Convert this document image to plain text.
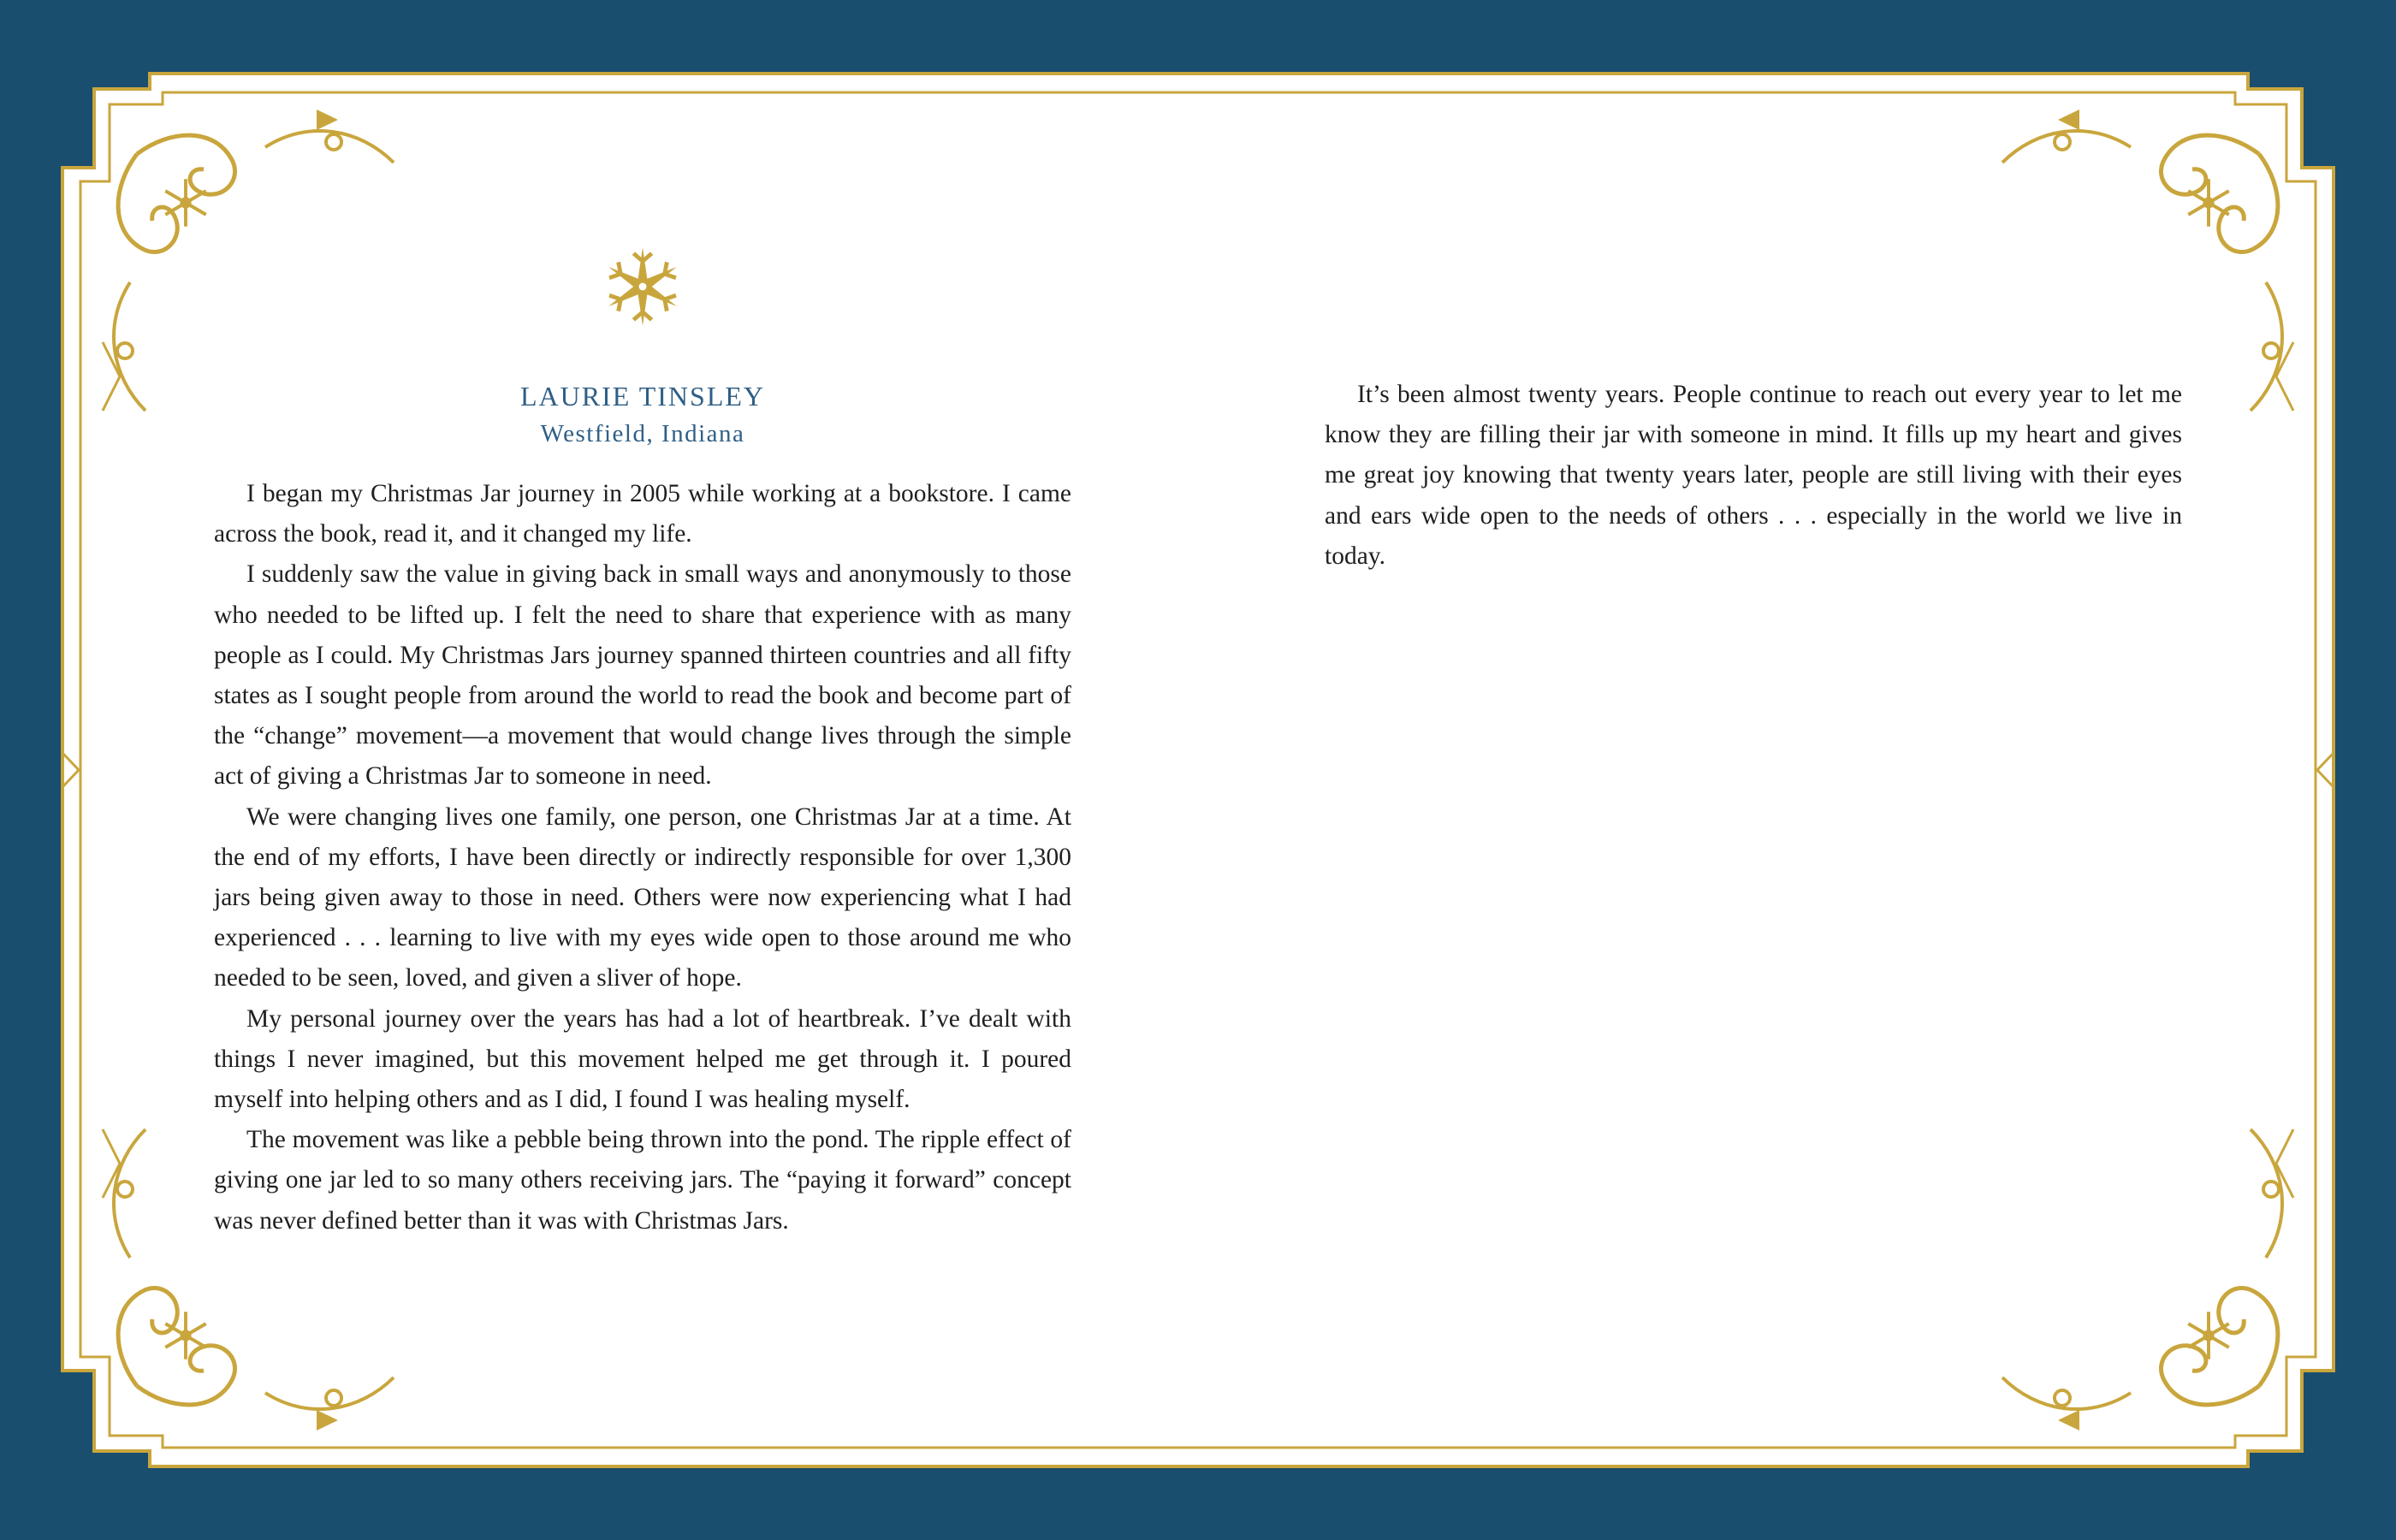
LAURIE TINSLEY

Westfield, Indiana

I began my Christmas Jar journey in 2005 while working at a bookstore. I came across the book, read it, and it changed my life.

I suddenly saw the value in giving back in small ways and anonymously to those who needed to be lifted up. I felt the need to share that experience with as many people as I could. My Christmas Jars journey spanned thirteen countries and all fifty states as I sought people from around the world to read the book and become part of the “change” movement—a movement that would change lives through the simple act of giving a Christmas Jar to someone in need.

We were changing lives one family, one person, one Christmas Jar at a time. At the end of my efforts, I have been directly or indirectly responsible for over 1,300 jars being given away to those in need. Others were now experiencing what I had experienced . . . learning to live with my eyes wide open to those around me who needed to be seen, loved, and given a sliver of hope.

My personal journey over the years has had a lot of heartbreak. I’ve dealt with things I never imagined, but this movement helped me get through it. I poured myself into helping others and as I did, I found I was healing myself.

The movement was like a pebble being thrown into the pond. The ripple effect of giving one jar led to so many others receiving jars. The “paying it forward” concept was never defined better than it was with Christmas Jars.

It’s been almost twenty years. People continue to reach out every year to let me know they are filling their jar with someone in mind. It fills up my heart and gives me great joy knowing that twenty years later, people are still living with their eyes and ears wide open to the needs of others . . . especially in the world we live in today.
